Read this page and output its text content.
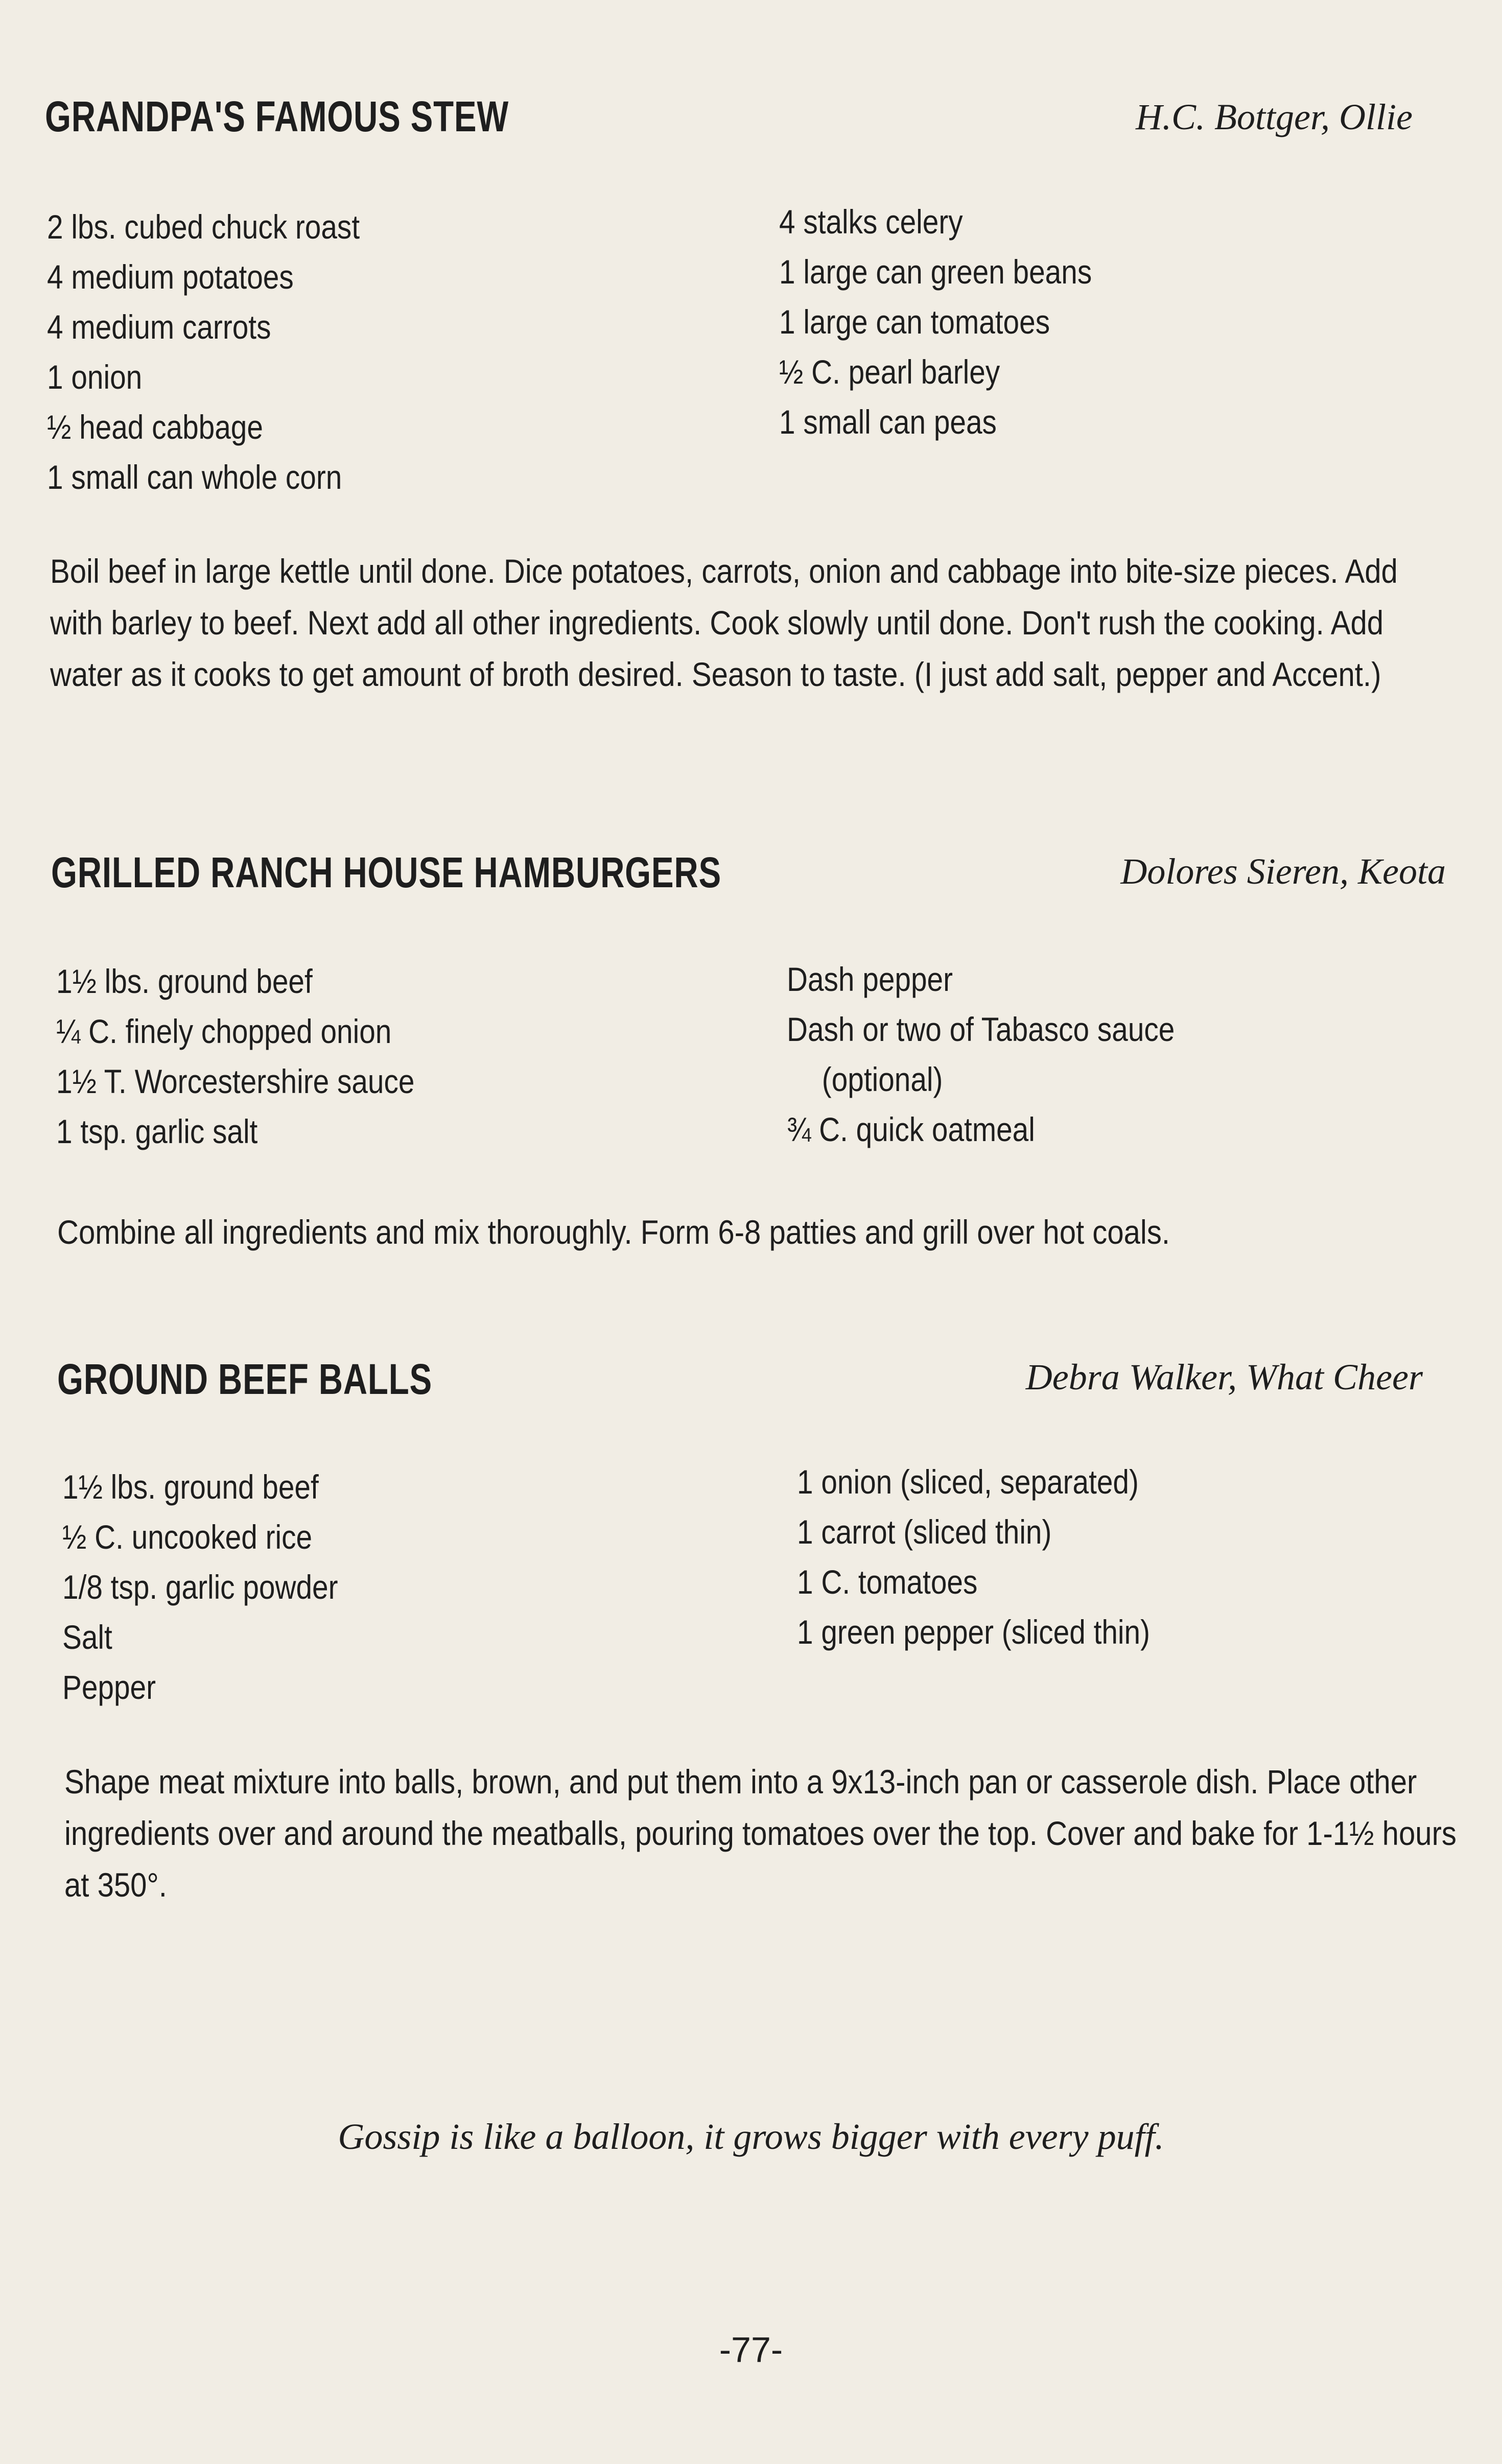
GRANDPA'S FAMOUS STEW	H.C. Bottger, Ollie

2 lbs. cubed chuck roast
4 medium potatoes
4 medium carrots
1 onion
½ head cabbage
1 small can whole corn
4 stalks celery
1 large can green beans
1 large can tomatoes
½ C. pearl barley
1 small can peas

Boil beef in large kettle until done. Dice potatoes, carrots, onion and cabbage into bite-size pieces. Add with barley to beef. Next add all other ingredients. Cook slowly until done. Don't rush the cooking. Add water as it cooks to get amount of broth desired. Season to taste. (I just add salt, pepper and Accent.)

GRILLED RANCH HOUSE HAMBURGERS	Dolores Sieren, Keota

1½ lbs. ground beef
¼ C. finely chopped onion
1½ T. Worcestershire sauce
1 tsp. garlic salt
Dash pepper
Dash or two of Tabasco sauce
(optional)
¾ C. quick oatmeal

Combine all ingredients and mix thoroughly. Form 6-8 patties and grill over hot coals.

GROUND BEEF BALLS	Debra Walker, What Cheer

1½ lbs. ground beef
½ C. uncooked rice
1/8 tsp. garlic powder
Salt
Pepper
1 onion (sliced, separated)
1 carrot (sliced thin)
1 C. tomatoes
1 green pepper (sliced thin)

Shape meat mixture into balls, brown, and put them into a 9x13-inch pan or casserole dish. Place other ingredients over and around the meatballs, pouring tomatoes over the top. Cover and bake for 1-1½ hours at 350°.

Gossip is like a balloon, it grows bigger with every puff.

-77-
